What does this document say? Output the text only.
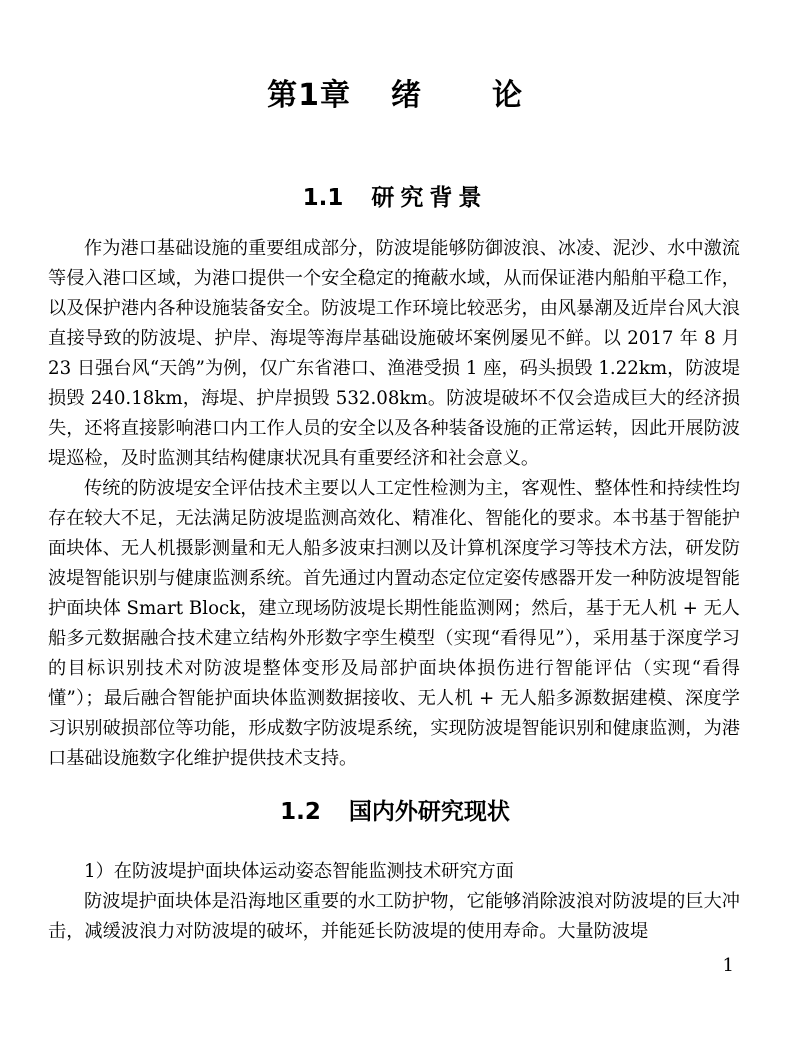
第1章 绪 论
1.1 研究背景

作为港口基础设施的重要组成部分，防波堤能够防御波浪、冰凌、泥沙、水中激流等侵入港口区域，为港口提供一个安全稳定的掩蔽水域，从而保证港内船舶平稳工作，以及保护港内各种设施装备安全。防波堤工作环境比较恶劣，由风暴潮及近岸台风大浪直接导致的防波堤、护岸、海堤等海岸基础设施破坏案例屡见不鲜。以 2017 年 8 月 23 日强台风“天鸽”为例，仅广东省港口、渔港受损 1 座，码头损毁 1.22km，防波堤损毁 240.18km，海堤、护岸损毁 532.08km。防波堤破坏不仅会造成巨大的经济损失，还将直接影响港口内工作人员的安全以及各种装备设施的正常运转，因此开展防波堤巡检，及时监测其结构健康状况具有重要经济和社会意义。

传统的防波堤安全评估技术主要以人工定性检测为主，客观性、整体性和持续性均存在较大不足，无法满足防波堤监测高效化、精准化、智能化的要求。本书基于智能护面块体、无人机摄影测量和无人船多波束扫测以及计算机深度学习等技术方法，研发防波堤智能识别与健康监测系统。首先通过内置动态定位定姿传感器开发一种防波堤智能护面块体 Smart Block，建立现场防波堤长期性能监测网；然后，基于无人机 + 无人船多元数据融合技术建立结构外形数字孪生模型（实现“看得见”），采用基于深度学习的目标识别技术对防波堤整体变形及局部护面块体损伤进行智能评估（实现“看得懂”）；最后融合智能护面块体监测数据接收、无人机 + 无人船多源数据建模、深度学习识别破损部位等功能，形成数字防波堤系统，实现防波堤智能识别和健康监测，为港口基础设施数字化维护提供技术支持。

1.2 国内外研究现状

1）在防波堤护面块体运动姿态智能监测技术研究方面

防波堤护面块体是沿海地区重要的水工防护物，它能够消除波浪对防波堤的巨大冲击，减缓波浪力对防波堤的破坏，并能延长防波堤的使用寿命。大量防波堤

1
